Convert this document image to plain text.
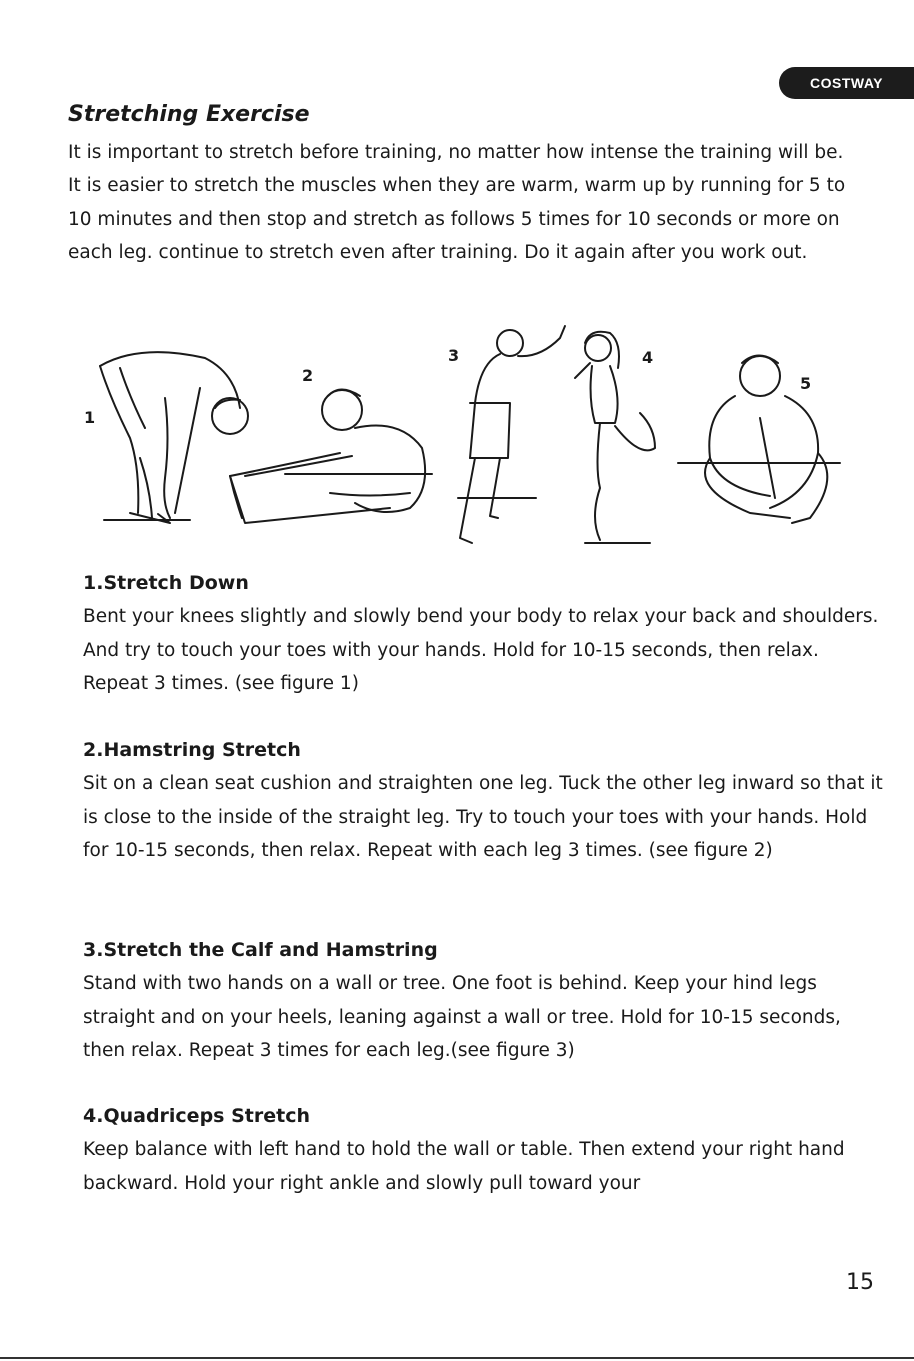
COSTWAY
Stretching Exercise

It is important to stretch before training, no matter how intense the training will be. It is easier to stretch the muscles when they are warm, warm up by running for 5 to 10 minutes and then stop and stretch as follows 5 times for 10 seconds or more on each leg. continue to stretch even after training. Do it again after you work out.

1
2
3	4
5
1.Stretch Down

Bent your knees slightly and slowly bend your body to relax your back and shoulders. And try to touch your toes with your hands. Hold for 10-15 seconds, then relax. Repeat 3 times. (see figure 1)

2.Hamstring Stretch

Sit on a clean seat cushion and straighten one leg. Tuck the other leg inward so that it is close to the inside of the straight leg. Try to touch your toes with your hands. Hold for 10-15 seconds, then relax. Repeat with each leg 3 times. (see figure 2)

3.Stretch the Calf and Hamstring

Stand with two hands on a wall or tree. One foot is behind. Keep your hind legs straight and on your heels, leaning against a wall or tree. Hold for 10-15 seconds, then relax. Repeat 3 times for each leg.(see figure 3)

4.Quadriceps Stretch

Keep balance with left hand to hold the wall or table. Then extend your right hand backward. Hold your right ankle and slowly pull toward your

15
